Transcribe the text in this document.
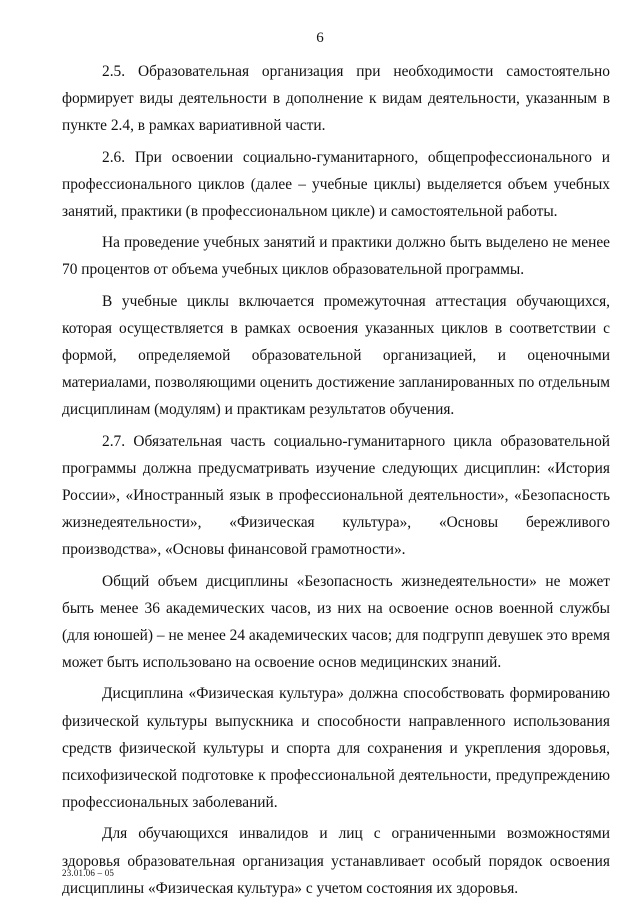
6

2.5. Образовательная организация при необходимости самостоятельно формирует виды деятельности в дополнение к видам деятельности, указанным в пункте 2.4, в рамках вариативной части.

2.6. При освоении социально-гуманитарного, общепрофессионального и профессионального циклов (далее – учебные циклы) выделяется объем учебных занятий, практики (в профессиональном цикле) и самостоятельной работы.

На проведение учебных занятий и практики должно быть выделено не менее 70 процентов от объема учебных циклов образовательной программы.

В учебные циклы включается промежуточная аттестация обучающихся, которая осуществляется в рамках освоения указанных циклов в соответствии с формой, определяемой образовательной организацией, и оценочными материалами, позволяющими оценить достижение запланированных по отдельным дисциплинам (модулям) и практикам результатов обучения.

2.7. Обязательная часть социально-гуманитарного цикла образовательной программы должна предусматривать изучение следующих дисциплин: «История России», «Иностранный язык в профессиональной деятельности», «Безопасность жизнедеятельности», «Физическая культура», «Основы бережливого производства», «Основы финансовой грамотности».

Общий объем дисциплины «Безопасность жизнедеятельности» не может быть менее 36 академических часов, из них на освоение основ военной службы (для юношей) – не менее 24 академических часов; для подгрупп девушек это время может быть использовано на освоение основ медицинских знаний.

Дисциплина «Физическая культура» должна способствовать формированию физической культуры выпускника и способности направленного использования средств физической культуры и спорта для сохранения и укрепления здоровья, психофизической подготовке к профессиональной деятельности, предупреждению профессиональных заболеваний.

Для обучающихся инвалидов и лиц с ограниченными возможностями здоровья образовательная организация устанавливает особый порядок освоения дисциплины «Физическая культура» с учетом состояния их здоровья.

23.01.06 – 05
